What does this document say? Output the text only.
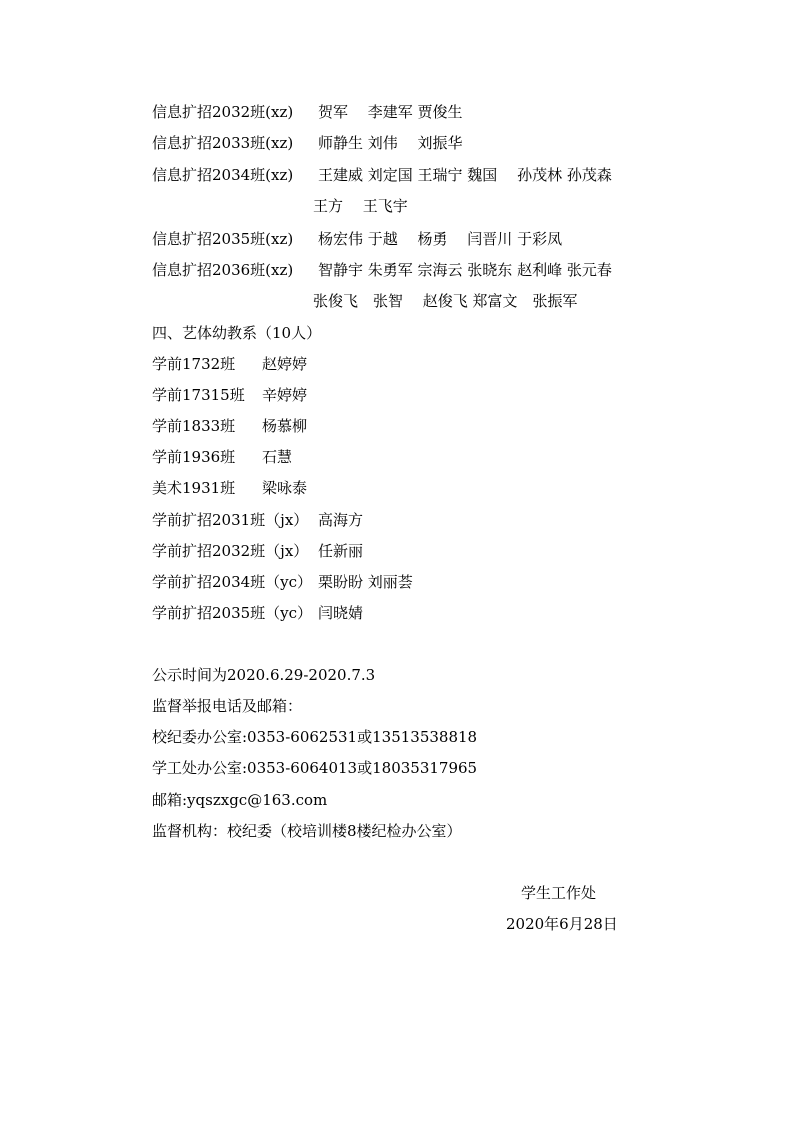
信息扩招2032班(xz) 贺军　 李建军 贾俊生
信息扩招2033班(xz) 师静生 刘伟　 刘振华
信息扩招2034班(xz) 王建威 刘定国 王瑞宁 魏国　 孙茂林 孙茂森
王方　 王飞宇
信息扩招2035班(xz) 杨宏伟 于越　 杨勇　 闫晋川 于彩凤
信息扩招2036班(xz) 智静宇 朱勇军 宗海云 张晓东 赵利峰 张元春
张俊飞　张智　 赵俊飞 郑富文　张振军
四、艺体幼教系（10人）
学前1732班 赵婷婷
学前17315班 辛婷婷
学前1833班 杨慕柳
学前1936班 石慧
美术1931班 梁咏泰
学前扩招2031班（jx） 高海方
学前扩招2032班（jx） 任新丽
学前扩招2034班（yc） 栗盼盼 刘丽荟
学前扩招2035班（yc） 闫晓婧
公示时间为2020.6.29-2020.7.3
监督举报电话及邮箱：
校纪委办公室:0353-6062531或13513538818
学工处办公室:0353-6064013或18035317965
邮箱:yqszxgc@163.com
监督机构：校纪委（校培训楼8楼纪检办公室）
学生工作处
2020年6月28日
